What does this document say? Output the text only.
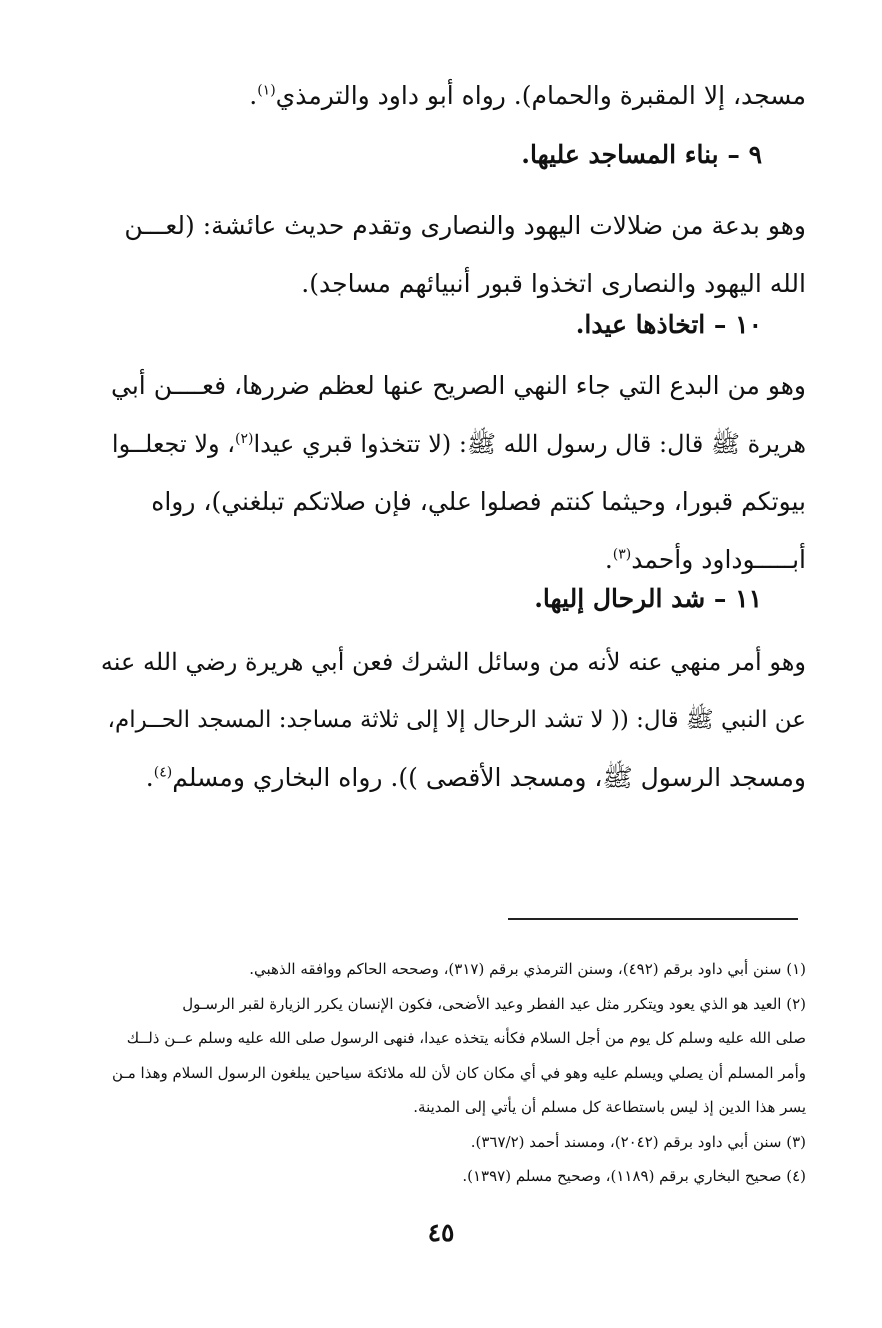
مسجد، إلا المقبرة والحمام). رواه أبو داود والترمذي$^{(١)}$.
٩ – بناء المساجد عليها.
وهو بدعة من ضلالات اليهود والنصارى وتقدم حديث عائشة: (لعـــن
الله اليهود والنصارى اتخذوا قبور أنبيائهم مساجد).
١٠ – اتخاذها عيدا.
وهو من البدع التي جاء النهي الصريح عنها لعظم ضررها، فعــــن أبي
هريرة ﷺ قال: قال رسول الله ﷺ: (لا تتخذوا قبري عيدا$^{(٢)}$، ولا تجعلــوا
بيوتكم قبورا، وحيثما كنتم فصلوا علي، فإن صلاتكم تبلغني)، رواه
أبـــــوداود وأحمد$^{(٣)}$.
١١ – شد الرحال إليها.
وهو أمر منهي عنه لأنه من وسائل الشرك فعن أبي هريرة رضي الله عنه
عن النبي ﷺ قال: (( لا تشد الرحال إلا إلى ثلاثة مساجد: المسجد الحــرام،
ومسجد الرسول ﷺ، ومسجد الأقصى )). رواه البخاري ومسلم$^{(٤)}$.
(١) سنن أبي داود برقم (٤٩٢)، وسنن الترمذي برقم (٣١٧)، وصححه الحاكم ووافقه الذهبي.
(٢) العيد هو الذي يعود ويتكرر مثل عيد الفطر وعيد الأضحى، فكون الإنسان يكرر الزيارة لقبر الرسـول
صلى الله عليه وسلم كل يوم من أجل السلام فكأنه يتخذه عيدا، فنهى الرسول صلى الله عليه وسلم عــن ذلــك
وأمر المسلم أن يصلي ويسلم عليه وهو في أي مكان كان لأن لله ملائكة سياحين يبلغون الرسول السلام وهذا مـن
يسر هذا الدين إذ ليس باستطاعة كل مسلم أن يأتي إلى المدينة.
(٣) سنن أبي داود برقم (٢٠٤٢)، ومسند أحمد (٣٦٧/٢).
(٤) صحيح البخاري برقم (١١٨٩)، وصحيح مسلم (١٣٩٧).
٤٥
